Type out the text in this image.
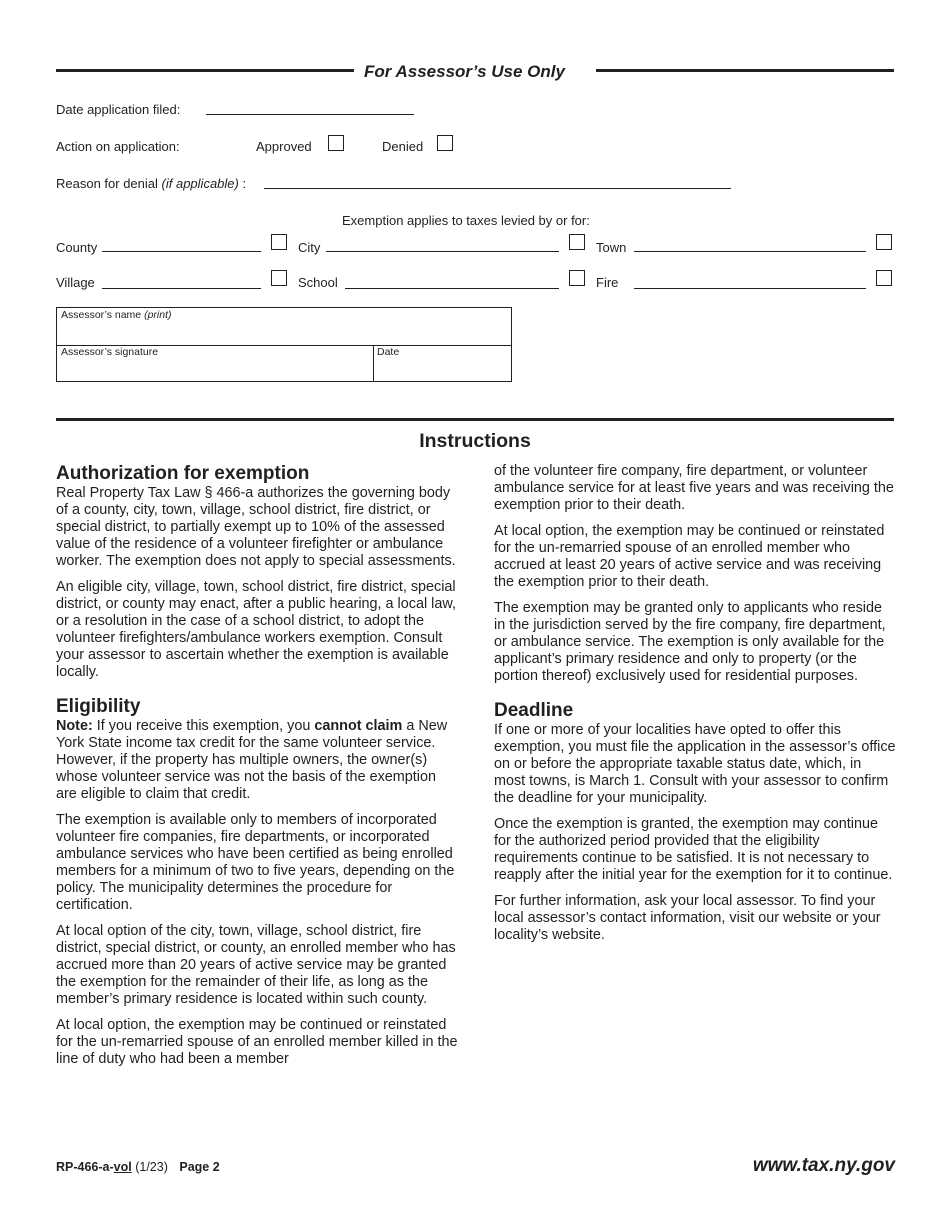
For Assessor’s Use Only
Date application filed:
Action on application:	Approved	Denied
Reason for denial (if applicable) :
Exemption applies to taxes levied by or for:
County	City	Town
Village	School	Fire
Assessor’s name (print)
Assessor’s signature	Date
Instructions
Authorization for exemption

Real Property Tax Law § 466-a authorizes the governing body of a county, city, town, village, school district, fire district, or special district, to partially exempt up to 10% of the assessed value of the residence of a volunteer firefighter or ambulance worker. The exemption does not apply to special assessments.

An eligible city, village, town, school district, fire district, special district, or county may enact, after a public hearing, a local law, or a resolution in the case of a school district, to adopt the volunteer firefighters/ambulance workers exemption. Consult your assessor to ascertain whether the exemption is available locally.

Eligibility

Note: If you receive this exemption, you cannot claim a New York State income tax credit for the same volunteer service. However, if the property has multiple owners, the owner(s) whose volunteer service was not the basis of the exemption are eligible to claim that credit.

The exemption is available only to members of incorporated volunteer fire companies, fire departments, or incorporated ambulance services who have been certified as being enrolled members for a minimum of two to five years, depending on the policy. The municipality determines the procedure for certification.

At local option of the city, town, village, school district, fire district, special district, or county, an enrolled member who has accrued more than 20 years of active service may be granted the exemption for the remainder of their life, as long as the member’s primary residence is located within such county.

At local option, the exemption may be continued or reinstated for the un-remarried spouse of an enrolled member killed in the line of duty who had been a member

of the volunteer fire company, fire department, or volunteer ambulance service for at least five years and was receiving the exemption prior to their death.

At local option, the exemption may be continued or reinstated for the un-remarried spouse of an enrolled member who accrued at least 20 years of active service and was receiving the exemption prior to their death.

The exemption may be granted only to applicants who reside in the jurisdiction served by the fire company, fire department, or ambulance service. The exemption is only available for the applicant’s primary residence and only to property (or the portion thereof) exclusively used for residential purposes.

Deadline

If one or more of your localities have opted to offer this exemption, you must file the application in the assessor’s office on or before the appropriate taxable status date, which, in most towns, is March 1. Consult with your assessor to confirm the deadline for your municipality.

Once the exemption is granted, the exemption may continue for the authorized period provided that the eligibility requirements continue to be satisfied. It is not necessary to reapply after the initial year for the exemption for it to continue.

For further information, ask your local assessor. To find your local assessor’s contact information, visit our website or your locality’s website.

RP-466-a-vol (1/23) Page 2	www.tax.ny.gov
